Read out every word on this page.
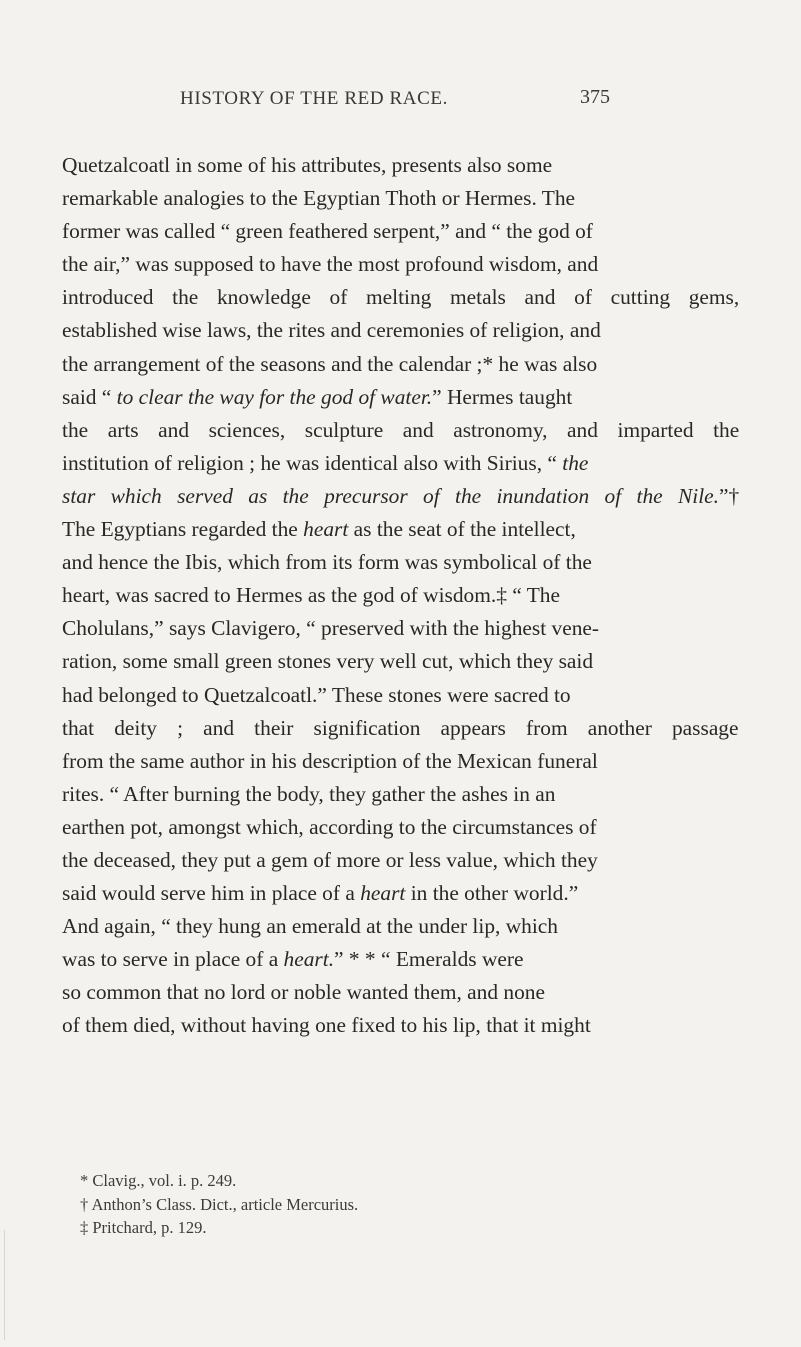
HISTORY OF THE RED RACE.	375
Quetzalcoatl in some of his attributes, presents also some
remarkable analogies to the Egyptian Thoth or Hermes. The
former was called “ green feathered serpent,” and “ the god of
the air,” was supposed to have the most profound wisdom, and
introduced the knowledge of melting metals and of cutting gems,
established wise laws, the rites and ceremonies of religion, and
the arrangement of the seasons and the calendar ;* he was also
said “ to clear the way for the god of water.” Hermes taught
the arts and sciences, sculpture and astronomy, and imparted the
institution of religion ; he was identical also with Sirius, “ the
star which served as the precursor of the inundation of the Nile.”†
The Egyptians regarded the heart as the seat of the intellect,
and hence the Ibis, which from its form was symbolical of the
heart, was sacred to Hermes as the god of wisdom.‡ “ The
Cholulans,” says Clavigero, “ preserved with the highest vene-
ration, some small green stones very well cut, which they said
had belonged to Quetzalcoatl.” These stones were sacred to
that deity ; and their signification appears from another passage
from the same author in his description of the Mexican funeral
rites. “ After burning the body, they gather the ashes in an
earthen pot, amongst which, according to the circumstances of
the deceased, they put a gem of more or less value, which they
said would serve him in place of a heart in the other world.”
And again, “ they hung an emerald at the under lip, which
was to serve in place of a heart.” * * “ Emeralds were
so common that no lord or noble wanted them, and none
of them died, without having one fixed to his lip, that it might
* Clavig., vol. i. p. 249.
† Anthon’s Class. Dict., article Mercurius.
‡ Pritchard, p. 129.
